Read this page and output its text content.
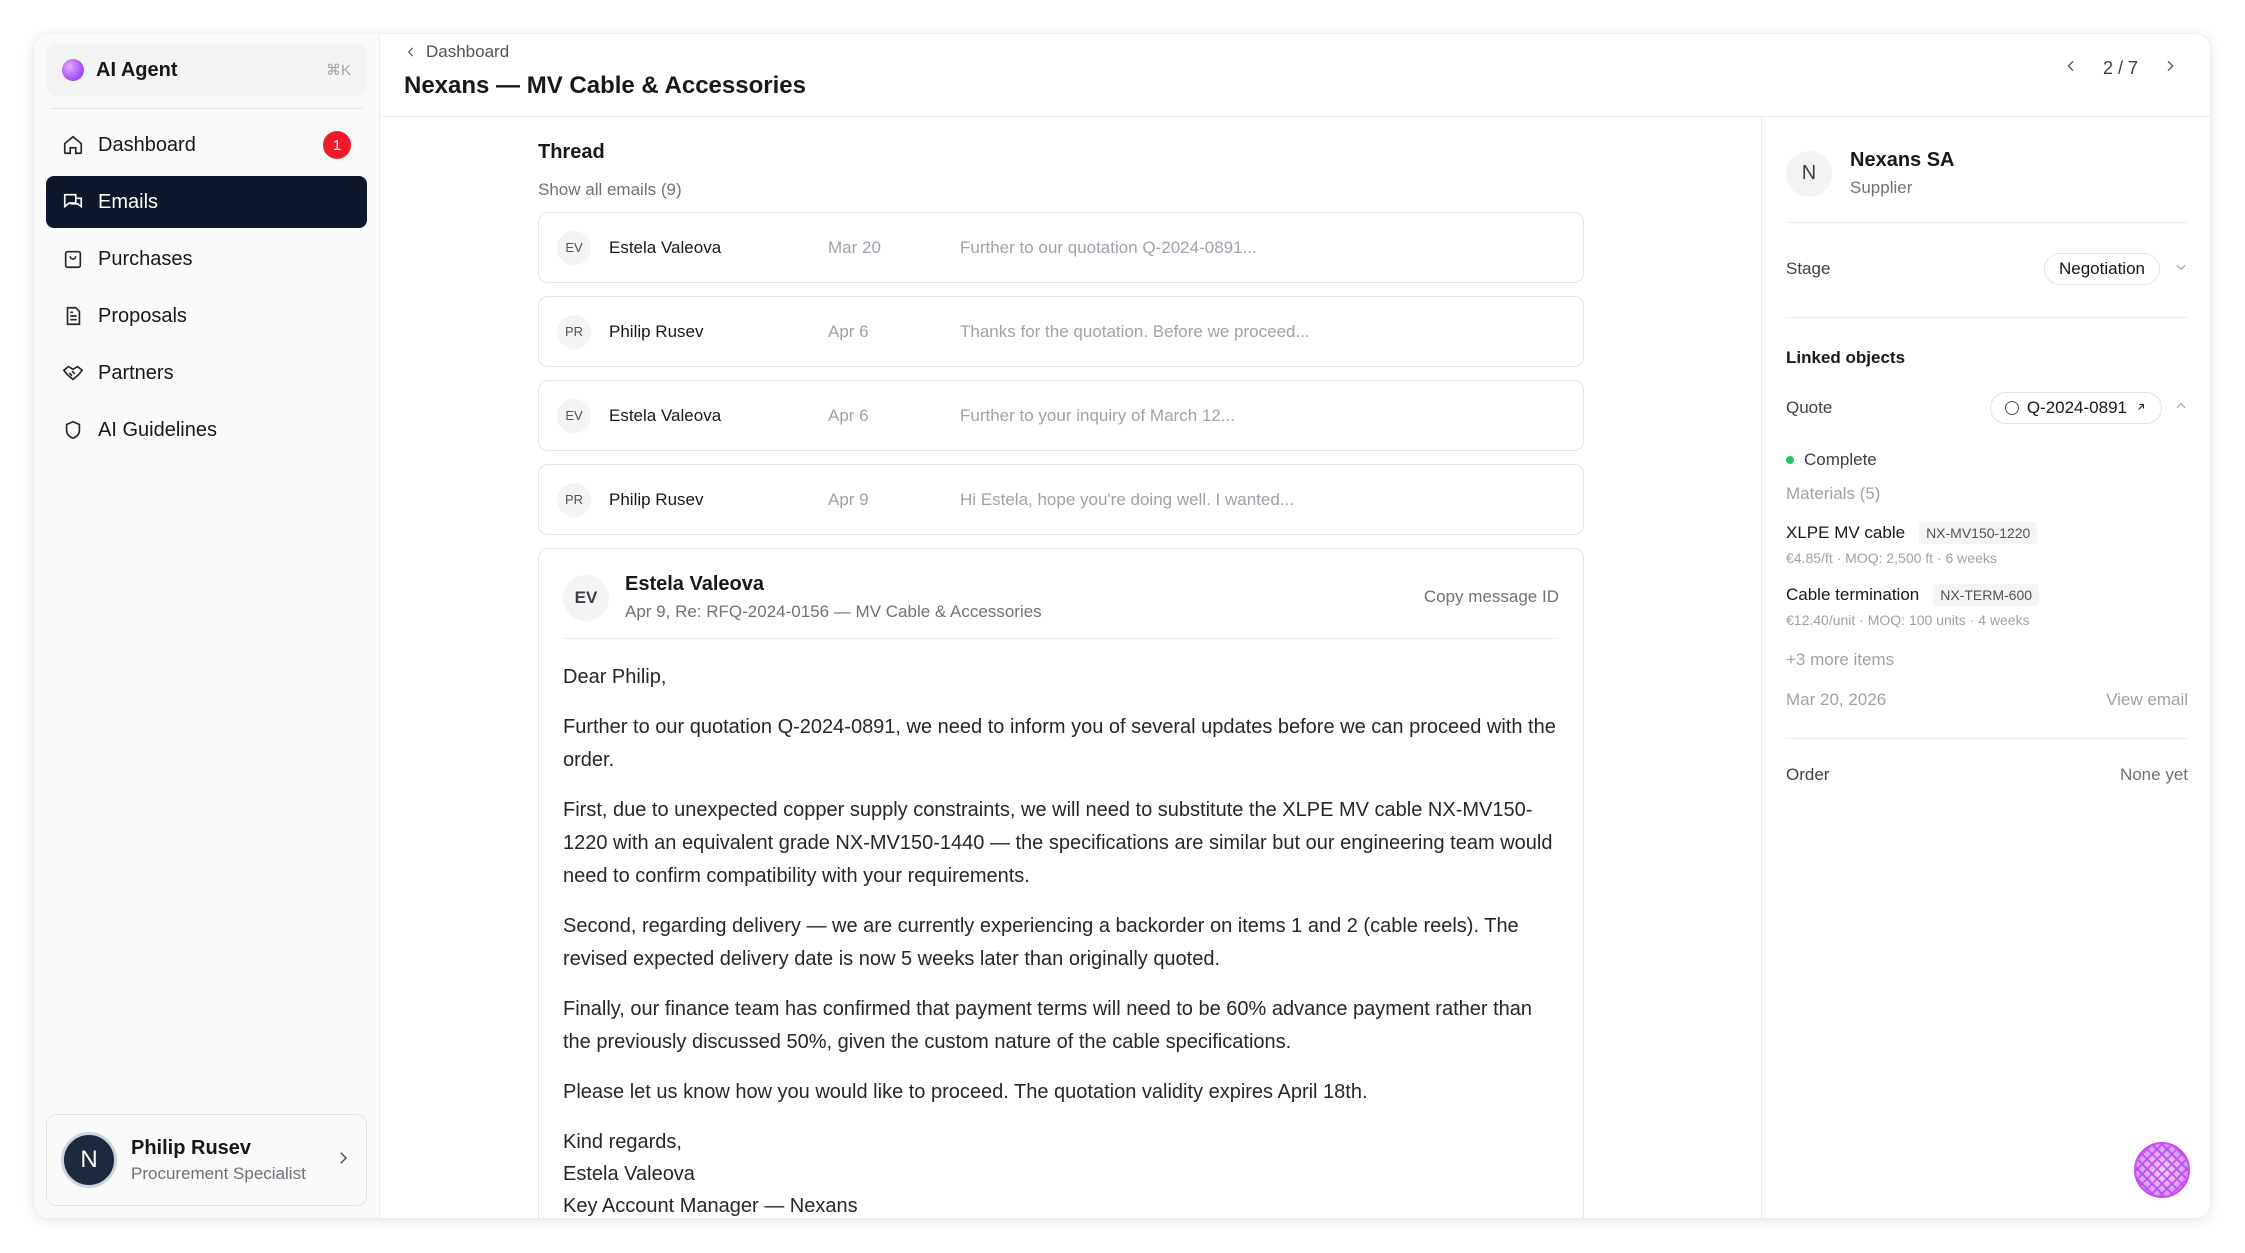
AI Agent	⌘K
Dashboard	1
Emails
Purchases
Proposals
Partners
AI Guidelines
N	Philip Rusev
Procurement Specialist
Dashboard
Nexans — MV Cable & Accessories
2 / 7
Thread
Show all emails (9)
EV	Estela Valeova	Mar 20	Further to our quotation Q-2024-0891...
PR	Philip Rusev	Apr 6	Thanks for the quotation. Before we proceed...
EV	Estela Valeova	Apr 6	Further to your inquiry of March 12...
PR	Philip Rusev	Apr 9	Hi Estela, hope you're doing well. I wanted...
EV
Estela Valeova
Apr 9, Re: RFQ-2024-0156 — MV Cable & Accessories
Copy message ID

Dear Philip,

Further to our quotation Q-2024-0891, we need to inform you of several updates before we can proceed with the order.

First, due to unexpected copper supply constraints, we will need to substitute the XLPE MV cable NX-MV150-1220 with an equivalent grade NX-MV150-1440 — the specifications are similar but our engineering team would need to confirm compatibility with your requirements.

Second, regarding delivery — we are currently experiencing a backorder on items 1 and 2 (cable reels). The revised expected delivery date is now 5 weeks later than originally quoted.

Finally, our finance team has confirmed that payment terms will need to be 60% advance payment rather than the previously discussed 50%, given the custom nature of the cable specifications.

Please let us know how you would like to proceed. The quotation validity expires April 18th.

Kind regards,
Estela Valeova
Key Account Manager — Nexans
N
Nexans SA
Supplier
Stage	Negotiation
Linked objects
Quote	Q-2024-0891
Complete
Materials (5)
XLPE MV cable	NX-MV150-1220
€4.85/ft · MOQ: 2,500 ft · 6 weeks
Cable termination	NX-TERM-600
€12.40/unit · MOQ: 100 units · 4 weeks
+3 more items
Mar 20, 2026	View email
Order	None yet
